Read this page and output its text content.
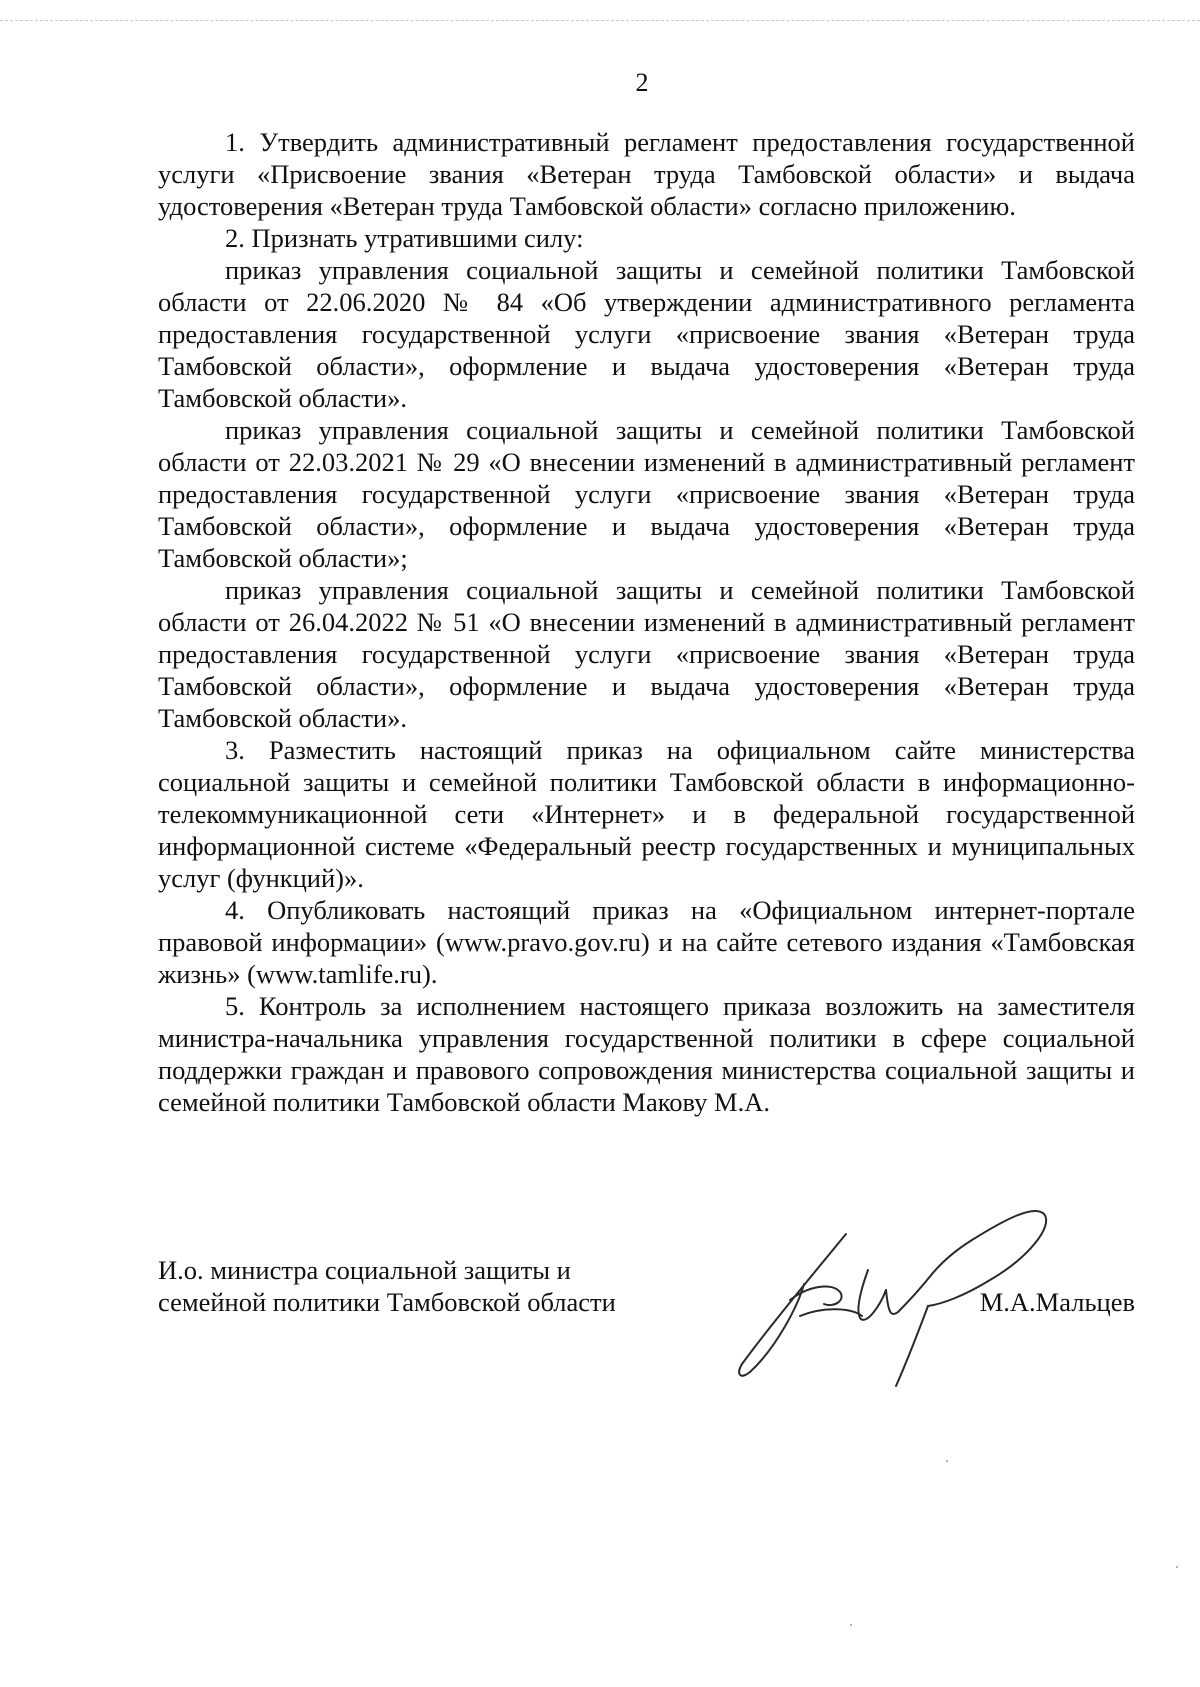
2

1. Утвердить административный регламент предоставления государственной услуги «Присвоение звания «Ветеран труда Тамбовской области» и выдача удостоверения «Ветеран труда Тамбовской области» согласно приложению.

2. Признать утратившими силу:

приказ управления социальной защиты и семейной политики Тамбовской области от 22.06.2020 № 84 «Об утверждении административного регламента предоставления государственной услуги «присвоение звания «Ветеран труда Тамбовской области», оформление и выдача удостоверения «Ветеран труда Тамбовской области».

приказ управления социальной защиты и семейной политики Тамбовской области от 22.03.2021 № 29 «О внесении изменений в административный регламент предоставления государственной услуги «присвоение звания «Ветеран труда Тамбовской области», оформление и выдача удостоверения «Ветеран труда Тамбовской области»;

приказ управления социальной защиты и семейной политики Тамбовской области от 26.04.2022 № 51 «О внесении изменений в административный регламент предоставления государственной услуги «присвоение звания «Ветеран труда Тамбовской области», оформление и выдача удостоверения «Ветеран труда Тамбовской области».

3. Разместить настоящий приказ на официальном сайте министерства социальной защиты и семейной политики Тамбовской области в информационно-телекоммуникационной сети «Интернет» и в федеральной государственной информационной системе «Федеральный реестр государственных и муниципальных услуг (функций)».

4. Опубликовать настоящий приказ на «Официальном интернет-портале правовой информации» (www.pravo.gov.ru) и на сайте сетевого издания «Тамбовская жизнь» (www.tamlife.ru).

5. Контроль за исполнением настоящего приказа возложить на заместителя министра-начальника управления государственной политики в сфере социальной поддержки граждан и правового сопровождения министерства социальной защиты и семейной политики Тамбовской области Макову М.А.

И.о. министра социальной защиты и
семейной политики Тамбовской области	М.А.Мальцев
